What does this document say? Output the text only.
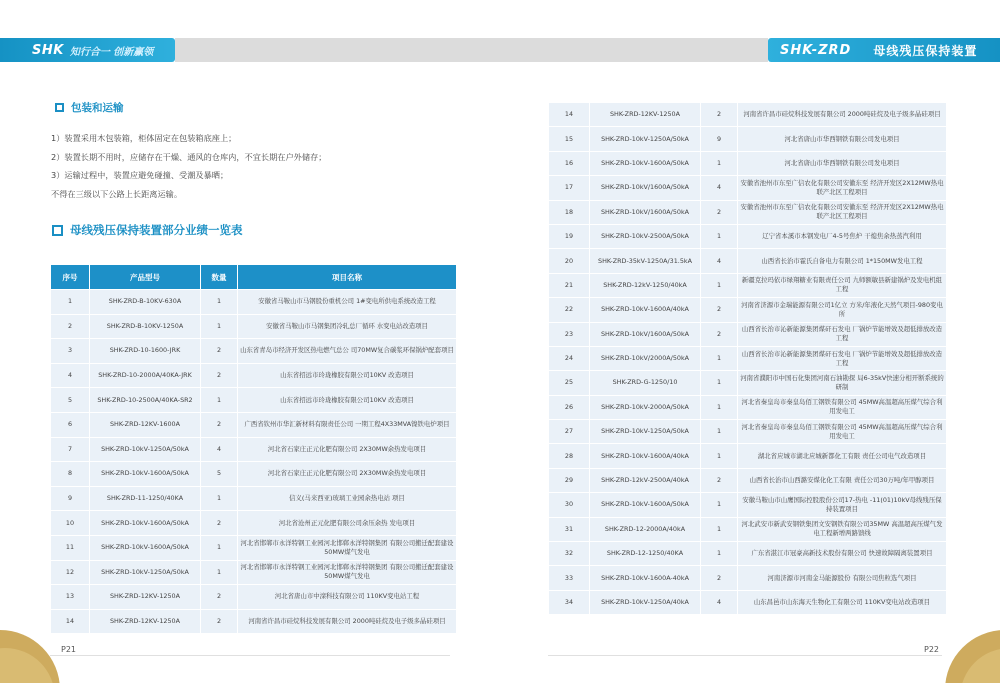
SHK 知行合一 创新赢领	SHK-ZRD 母线残压保持装置
包装和运输
1）装置采用木包装箱，柜体固定在包装箱底座上；
2）装置长期不用时，应储存在干燥、通风的仓库内，不宜长期在户外储存；
3）运输过程中，装置应避免碰撞、受潮及暴晒；
不得在三级以下公路上长距离运输。
母线残压保持装置部分业绩一览表
序号	产品型号	数量	项目名称
1	SHK-ZRD-B-10KV-630A	1	安徽省马鞍山市马钢股份重机公司 1#变电所供电系统改造工程
2	SHK-ZRD-B-10KV-1250A	1	安徽省马鞍山市马钢集团冷轧总厂循环 水变电站改造项目
3	SHK-ZRD-10-1600-JRK	2	山东省青岛市经济开发区热电燃气总公 司70MW复合碳浆环保锅炉配套项目
4	SHK-ZRD-10-2000A/40KA-JRK	2	山东省招远市玲珑橡胶有限公司10KV 改造项目
5	SHK-ZRD-10-2500A/40KA-SR2	1	山东省招远市玲珑橡胶有限公司10KV 改造项目
6	SHK-ZRD-12KV-1600A	2	广西省钦州市华汇新材料有限责任公司 一期工程4X33MVA镍铁电炉项目
7	SHK-ZRD-10kV-1250A/50kA	4	河北省石家庄正元化肥有限公司 2X30MW余热发电项目
8	SHK-ZRD-10kV-1600A/50kA	5	河北省石家庄正元化肥有限公司 2X30MW余热发电项目
9	SHK-ZRD-11-1250/40KA	1	信义(马来西亚)玻璃工业园余热电站 项目
10	SHK-ZRD-10kV-1600A/50kA	2	河北省沧州正元化肥有限公司余压余热 发电项目
11	SHK-ZRD-10kV-1600A/50kA	1	河北省邯郸市永洋特钢工业园河北邯郸永洋特钢集团 有限公司搬迁配套建设50MW煤气发电
12	SHK-ZRD-10kV-1250A/50kA	1	河北省邯郸市永洋特钢工业园河北邯郸永洋特钢集团 有限公司搬迁配套建设50MW煤气发电
13	SHK-ZRD-12KV-1250A	2	河北省唐山市中滦科技有限公司 110KV变电站工程
14	SHK-ZRD-12KV-1250A	2	河南省许昌市硅烷科技发展有限公司 2000吨硅烷及电子级多晶硅项目
14	SHK-ZRD-12KV-1250A	2	河南省许昌市硅烷科技发展有限公司 2000吨硅烷及电子级多晶硅项目
15	SHK-ZRD-10kV-1250A/50kA	9	河北省唐山市华西钢铁有限公司发电项目
16	SHK-ZRD-10kV-1600A/50kA	1	河北省唐山市华西钢铁有限公司发电项目
17	SHK-ZRD-10kV/1600A/50kA	4	安徽省池州市东至广信农化有限公司安徽东至 经济开发区2X12MW热电联产北区工程项目
18	SHK-ZRD-10kV/1600A/50kA	2	安徽省池州市东至广信农化有限公司安徽东至 经济开发区2X12MW热电联产北区工程项目
19	SHK-ZRD-10kV-2500A/50kA	1	辽宁省本溪市本钢发电厂4-5号焦炉 干熄焦余热蒸汽利用
20	SHK-ZRD-35kV-1250A/31.5kA	4	山西省长治市霍氏自备电力有限公司 1*150MW发电工程
21	SHK-ZRD-12kV-1250/40kA	1	新疆克拉玛依市绿翔糖业有限责任公司 九师额敏县新建锅炉及发电机组工程
22	SHK-ZRD-10kV-1600A/40kA	2	河南省济源市金瑞能源有限公司1亿立 方米/年液化天然气项目-980变电所
23	SHK-ZRD-10kV/1600A/50kA	2	山西省长治市沁新能源集团煤矸石发电 厂锅炉节能增效及超低排放改造工程
24	SHK-ZRD-10kV/2000A/50kA	1	山西省长治市沁新能源集团煤矸石发电 厂锅炉节能增效及超低排放改造工程
25	SHK-ZRD-G-1250/10	1	河南省濮阳市中国石化集团河南石油勘探 局6-35kV快速分相开断系统的研制
26	SHK-ZRD-10kV-2000A/50kA	1	河北省秦皇岛市秦皇岛佰工钢铁有限公司 45MW高温超高压煤气综合利用发电工
27	SHK-ZRD-10kV-1250A/50kA	1	河北省秦皇岛市秦皇岛佰工钢铁有限公司 45MW高温超高压煤气综合利用发电工
28	SHK-ZRD-10kV-1600A/40kA	1	湖北省应城市湖北应城新都化工有限 责任公司电气改造项目
29	SHK-ZRD-12kV-2500A/40kA	2	山西省长治市山西潞安煤化化工有限 责任公司30万吨/年甲醇项目
30	SHK-ZRD-10kV-1600A/50kA	1	安徽马鞍山市山鹰国际控股股份公司17-热电 -11(01)10kV母线残压保持装置项目
31	SHK-ZRD-12-2000A/40kA	1	河北武安市新武安钢铁集团文安钢铁有限公司35MW 高温超高压煤气发电工程新增两路馈线
32	SHK-ZRD-12-1250/40KA	1	广东省湛江市冠豪高新技术股份有限公司 快速故障隔离装置项目
33	SHK-ZRD-10kV-1600A-40kA	2	河南济源市河南金马能源股份 有限公司焦粒选气项目
34	SHK-ZRD-10kV-1250A/40kA	4	山东昌邑市山东海天生物化工有限公司 110KV变电站改造项目
P21	P22
